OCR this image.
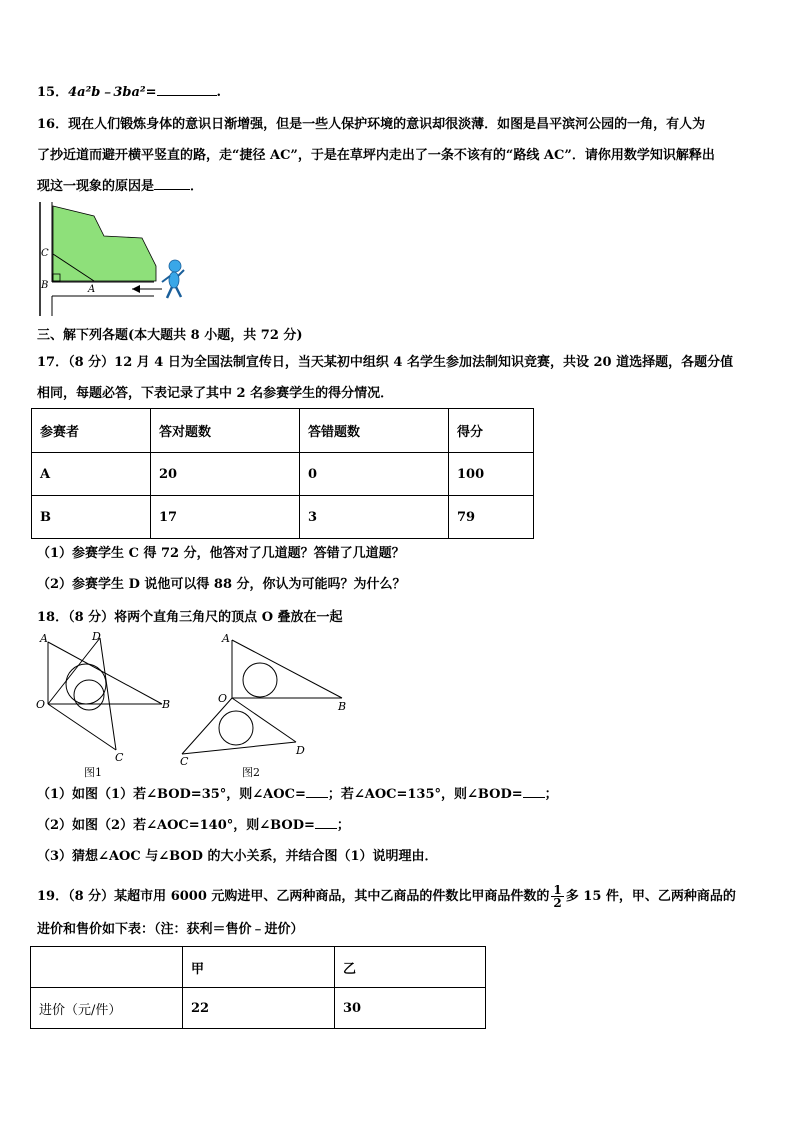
15．4a²b﹣3ba²=	.
16．现在人们锻炼身体的意识日渐增强，但是一些人保护环境的意识却很淡薄．如图是昌平滨河公园的一角，有人为
了抄近道而避开横平竖直的路，走“捷径 AC”，于是在草坪内走出了一条不该有的“路线 AC”．请你用数学知识解释出
现这一现象的原因是	．
C
B	A
三、解下列各题(本大题共 8 小题，共 72 分)
17．（8 分）12 月 4 日为全国法制宣传日，当天某初中组织 4 名学生参加法制知识竞赛，共设 20 道选择题，各题分值
相同，每题必答，下表记录了其中 2 名参赛学生的得分情况．
参赛者	答对题数	答错题数	得分
A	20	0	100
B	17	3	79
（1）参赛学生 C 得 72 分，他答对了几道题？答错了几道题？
（2）参赛学生 D 说他可以得 88 分，你认为可能吗？为什么？
18．（8 分）将两个直角三角尺的顶点 O 叠放在一起
A	D
O	B
C
图1
A
O
B
C
D
图2
（1）如图（1）若∠BOD=35°，则∠AOC= ；若∠AOC=135°，则∠BOD= ；
（2）如图（2）若∠AOC=140°，则∠BOD= ；
（3）猜想∠AOC 与∠BOD 的大小关系，并结合图（1）说明理由．
19．（8 分）某超市用 6000 元购进甲、乙两种商品，其中乙商品的件数比甲商品件数的 $\frac{1}{2}$ 多 15 件，甲、乙两种商品的
进价和售价如下表：（注：获利＝售价﹣进价）
	甲	乙
进价（元/件）	22	30
